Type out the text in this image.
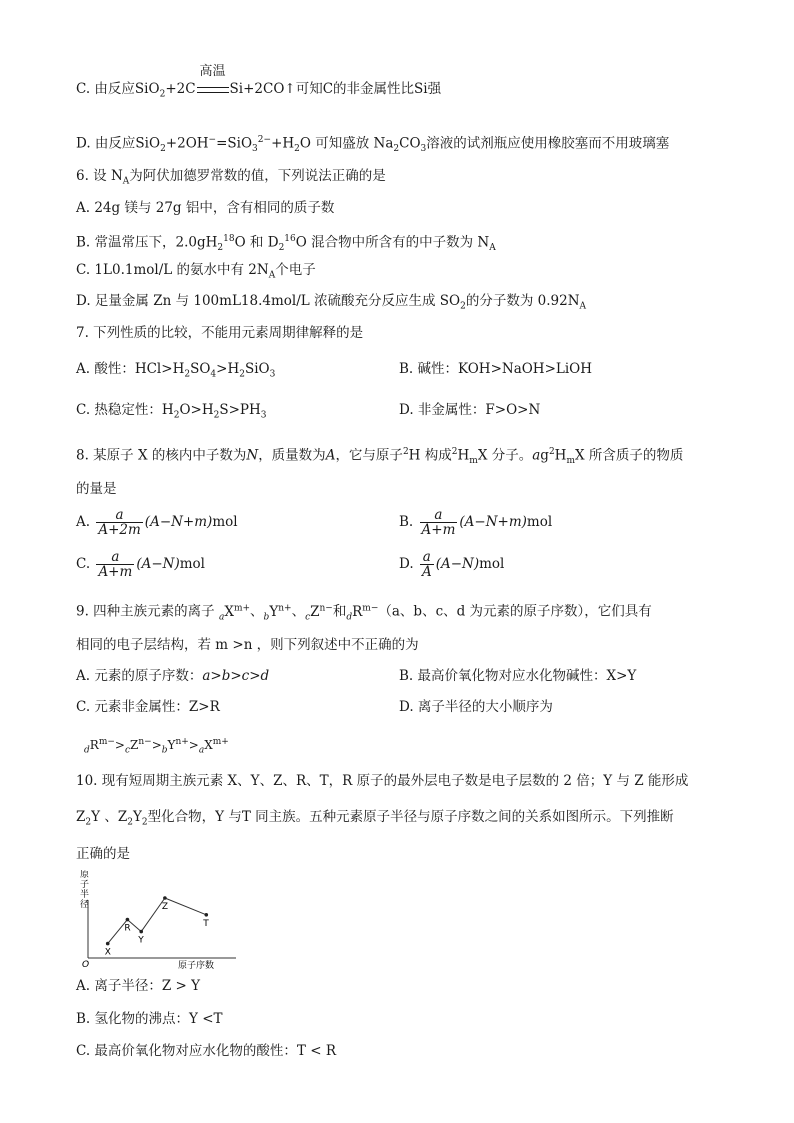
C. 由反应SiO$_2$+2C
高温
Si+2CO↑可知C的非金属性比Si强
D. 由反应$SiO_2+2OH^-=SiO_3^{2-}+H_2O$ 可知盛放 $Na_2CO_3$溶液的试剂瓶应使用橡胶塞而不用玻璃塞
6. 设 $N_A$为阿伏加德罗常数的值，下列说法正确的是
A. 24g 镁与 27g 铝中，含有相同的质子数
B. 常温常压下，$2.0gH_2^{18}O$ 和 $D_2^{16}O$ 混合物中所含有的中子数为 $N_A$
C. 1L0.1mol/L 的氨水中有 $2N_A$个电子
D. 足量金属 Zn 与 100mL18.4mol/L 浓硫酸充分反应生成 $SO_2$的分子数为 $0.92N_A$
7. 下列性质的比较，不能用元素周期律解释的是
A. 酸性：$HCl>H_2SO_4>H_2SiO_3$	B. 碱性：KOH>NaOH>LiOH
C. 热稳定性：$H_2O>H_2S>PH_3$	D. 非金属性：F>O>N
8. 某原子 X 的核内中子数为N，质量数为A，它与原子$^2$H 构成$^2H_mX$ 分子。$ag^2H_mX$ 所含质子的物质
的量是
A. $\frac{a}{A+2m} (A-N+m)mol$	B. $\frac{a}{A+m} (A-N+m)mol$
C. $\frac{a}{A+m} (A-N)mol$	D. $\frac{a}{A} (A-N)mol$
9. 四种主族元素的离子 $_aX^{m+}$、$_bY^{n+}$、$_cZ^{n-}$和$_dR^{m-}(a$、b、c、d 为元素的原子序数），它们具有
相同的电子层结构，若 m >n ，则下列叙述中不正确的为
A. 元素的原子序数：a>b>c>d	B. 最高价氧化物对应水化物碱性：X>Y
C. 元素非金属性：Z>R	D. 离子半径的大小顺序为
$_dR^{m-}>_cZ^{n-}>_bY^{n+}>_aX^{m+}$
10. 现有短周期主族元素 X、Y、Z、R、T，R 原子的最外层电子数是电子层数的 2 倍；Y 与 Z 能形成
$Z_2Y$ 、$Z_2Y_2$型化合物，Y 与T 同主族。五种元素原子半径与原子序数之间的关系如图所示。下列推断
正确的是
原子半径
O	原子序数
X
R
Y
Z
T
A. 离子半径：Z > Y
B. 氢化物的沸点：Y <T
C. 最高价氧化物对应水化物的酸性：T < R
